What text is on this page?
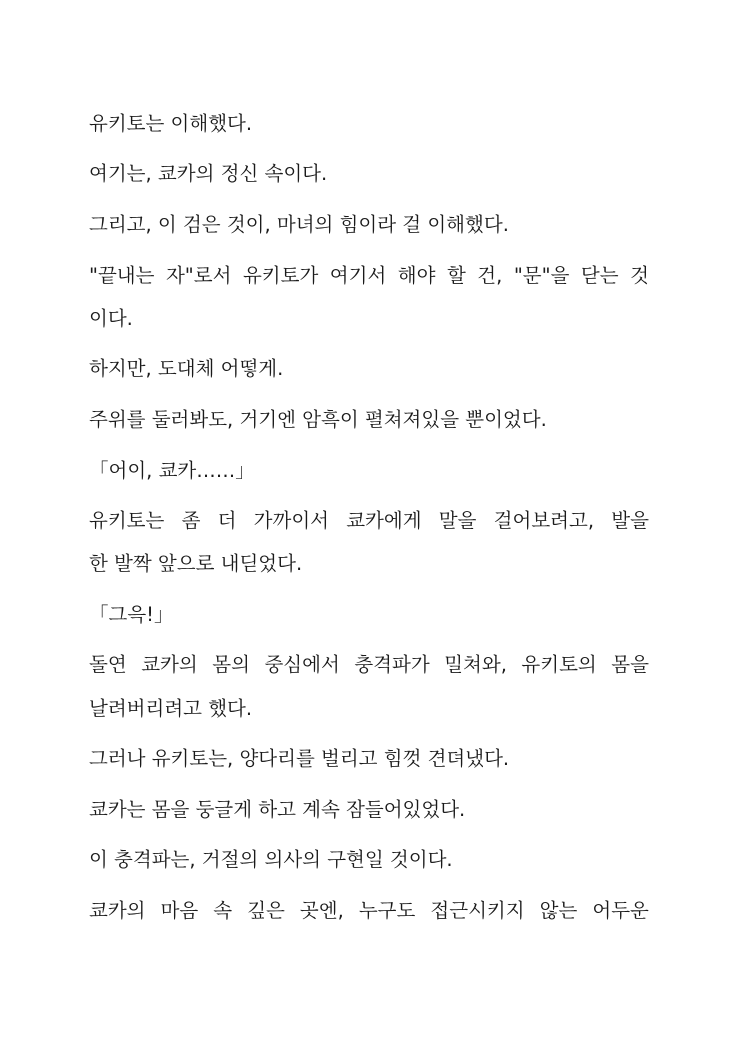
유키토는 이해했다.
여기는, 쿄카의 정신 속이다.
그리고, 이 검은 것이, 마녀의 힘이라 걸 이해했다.
"끝내는 자"로서 유키토가 여기서 해야 할 건, "문"을 닫는 것
이다.
하지만, 도대체 어떻게.
주위를 둘러봐도, 거기엔 암흑이 펼쳐져있을 뿐이었다.
「어이, 쿄카……」
유키토는 좀 더 가까이서 쿄카에게 말을 걸어보려고, 발을
한 발짝 앞으로 내딛었다.
「그윽!」
돌연 쿄카의 몸의 중심에서 충격파가 밀쳐와, 유키토의 몸을
날려버리려고 했다.
그러나 유키토는, 양다리를 벌리고 힘껏 견뎌냈다.
쿄카는 몸을 둥글게 하고 계속 잠들어있었다.
이 충격파는, 거절의 의사의 구현일 것이다.
쿄카의 마음 속 깊은 곳엔, 누구도 접근시키지 않는 어두운
